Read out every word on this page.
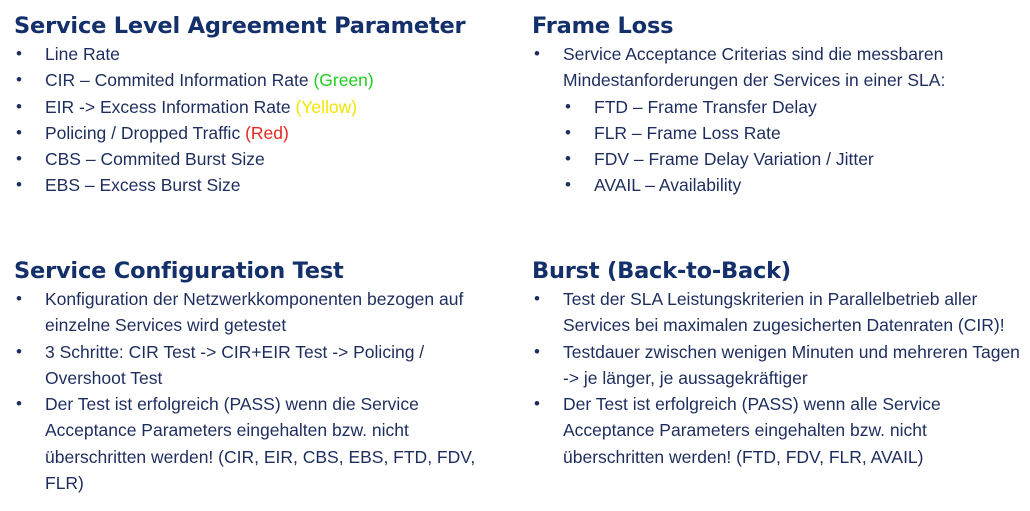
Service Level Agreement Parameter
• Line Rate
• CIR – Commited Information Rate (Green)
• EIR -> Excess Information Rate (Yellow)
• Policing / Dropped Traffic (Red)
• CBS – Commited Burst Size
• EBS – Excess Burst Size
Frame Loss
• Service Acceptance Criterias sind die messbaren Mindestanforderungen der Services in einer SLA:
• FTD – Frame Transfer Delay
• FLR – Frame Loss Rate
• FDV – Frame Delay Variation / Jitter
• AVAIL – Availability
Service Configuration Test
• Konfiguration der Netzwerkkomponenten bezogen auf einzelne Services wird getestet
• 3 Schritte: CIR Test -> CIR+EIR Test -> Policing / Overshoot Test
• Der Test ist erfolgreich (PASS) wenn die Service Acceptance Parameters eingehalten bzw. nicht überschritten werden! (CIR, EIR, CBS, EBS, FTD, FDV, FLR)
Burst (Back-to-Back)
• Test der SLA Leistungskriterien in Parallelbetrieb aller Services bei maximalen zugesicherten Datenraten (CIR)!
• Testdauer zwischen wenigen Minuten und mehreren Tagen -> je länger, je aussagekräftiger
• Der Test ist erfolgreich (PASS) wenn alle Service Acceptance Parameters eingehalten bzw. nicht überschritten werden! (FTD, FDV, FLR, AVAIL)
